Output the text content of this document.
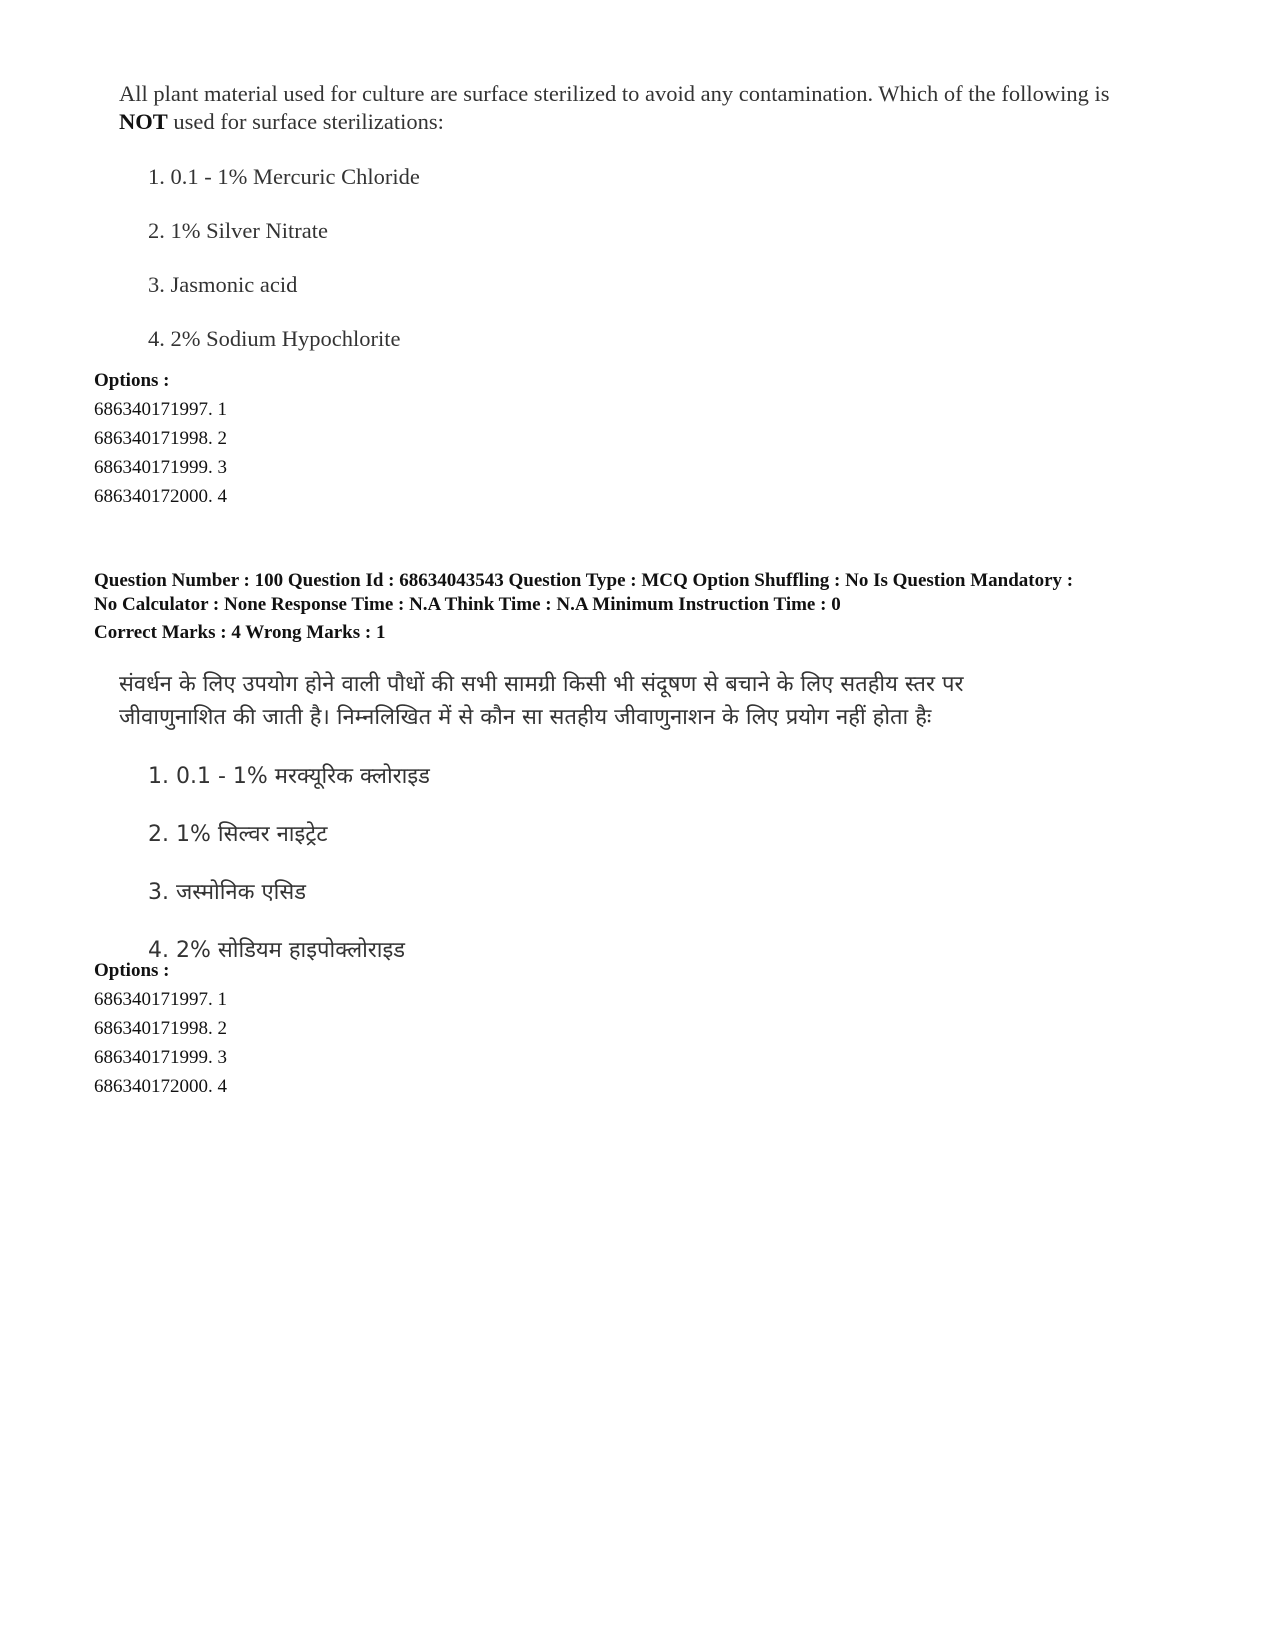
All plant material used for culture are surface sterilized to avoid any contamination. Which of the following is
NOT used for surface sterilizations:
1. 0.1 - 1% Mercuric Chloride
2. 1% Silver Nitrate
3. Jasmonic acid
4. 2% Sodium Hypochlorite
Options :
686340171997. 1
686340171998. 2
686340171999. 3
686340172000. 4
Question Number : 100 Question Id : 68634043543 Question Type : MCQ Option Shuffling : No Is Question Mandatory :
No Calculator : None Response Time : N.A Think Time : N.A Minimum Instruction Time : 0
Correct Marks : 4 Wrong Marks : 1
संवर्धन के लिए उपयोग होने वाली पौधों की सभी सामग्री किसी भी संदूषण से बचाने के लिए सतहीय स्तर पर
जीवाणुनाशित की जाती है। निम्नलिखित में से कौन सा सतहीय जीवाणुनाशन के लिए प्रयोग नहीं होता हैः
1. 0.1 - 1% मरक्यूरिक क्लोराइड
2. 1% सिल्वर नाइट्रेट
3. जस्मोनिक एसिड
4. 2% सोडियम हाइपोक्लोराइड
Options :
686340171997. 1
686340171998. 2
686340171999. 3
686340172000. 4
